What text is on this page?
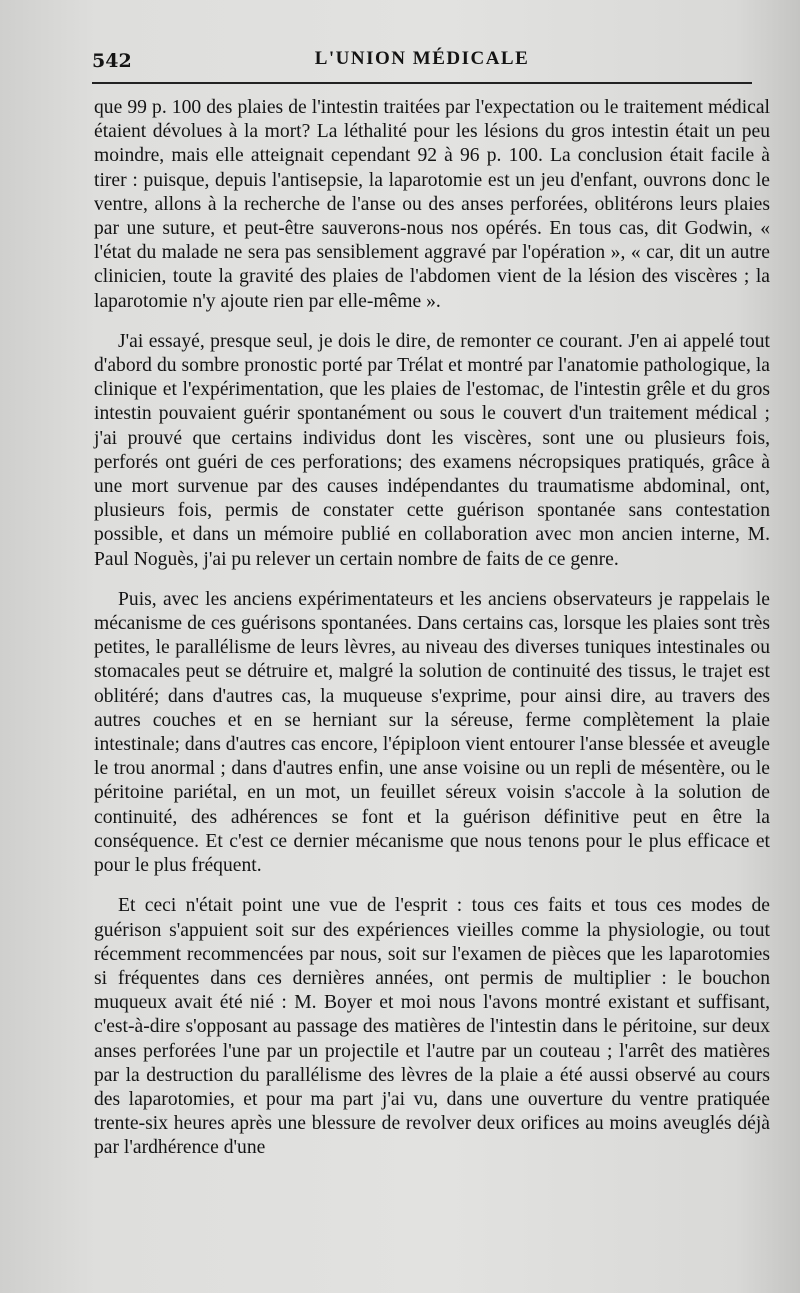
542	L'UNION MÉDICALE

que 99 p. 100 des plaies de l'intestin traitées par l'expectation ou le traitement médical étaient dévolues à la mort? La léthalité pour les lésions du gros intestin était un peu moindre, mais elle atteignait cependant 92 à 96 p. 100. La conclusion était facile à tirer : puisque, depuis l'antisepsie, la laparotomie est un jeu d'enfant, ouvrons donc le ventre, allons à la recherche de l'anse ou des anses perforées, oblitérons leurs plaies par une suture, et peut-être sauverons-nous nos opérés. En tous cas, dit Godwin, « l'état du malade ne sera pas sensiblement aggravé par l'opération », « car, dit un autre clinicien, toute la gravité des plaies de l'abdomen vient de la lésion des viscères ; la laparotomie n'y ajoute rien par elle-même ».

J'ai essayé, presque seul, je dois le dire, de remonter ce courant. J'en ai appelé tout d'abord du sombre pronostic porté par Trélat et montré par l'anatomie pathologique, la clinique et l'expérimentation, que les plaies de l'estomac, de l'intestin grêle et du gros intestin pouvaient guérir spontanément ou sous le couvert d'un traitement médical ; j'ai prouvé que certains individus dont les viscères, sont une ou plusieurs fois, perforés ont guéri de ces perforations; des examens nécropsiques pratiqués, grâce à une mort survenue par des causes indépendantes du traumatisme abdominal, ont, plusieurs fois, permis de constater cette guérison spontanée sans contestation possible, et dans un mémoire publié en collaboration avec mon ancien interne, M. Paul Noguès, j'ai pu relever un certain nombre de faits de ce genre.

Puis, avec les anciens expérimentateurs et les anciens observateurs je rappelais le mécanisme de ces guérisons spontanées. Dans certains cas, lorsque les plaies sont très petites, le parallélisme de leurs lèvres, au niveau des diverses tuniques intestinales ou stomacales peut se détruire et, malgré la solution de continuité des tissus, le trajet est oblitéré; dans d'autres cas, la muqueuse s'exprime, pour ainsi dire, au travers des autres couches et en se herniant sur la séreuse, ferme complètement la plaie intestinale; dans d'autres cas encore, l'épiploon vient entourer l'anse blessée et aveugle le trou anormal ; dans d'autres enfin, une anse voisine ou un repli de mésentère, ou le péritoine pariétal, en un mot, un feuillet séreux voisin s'accole à la solution de continuité, des adhérences se font et la guérison définitive peut en être la conséquence. Et c'est ce dernier mécanisme que nous tenons pour le plus efficace et pour le plus fréquent.

Et ceci n'était point une vue de l'esprit : tous ces faits et tous ces modes de guérison s'appuient soit sur des expériences vieilles comme la physiologie, ou tout récemment recommencées par nous, soit sur l'examen de pièces que les laparotomies si fréquentes dans ces dernières années, ont permis de multiplier : le bouchon muqueux avait été nié : M. Boyer et moi nous l'avons montré existant et suffisant, c'est-à-dire s'opposant au passage des matières de l'intestin dans le péritoine, sur deux anses perforées l'une par un projectile et l'autre par un couteau ; l'arrêt des matières par la destruction du parallélisme des lèvres de la plaie a été aussi observé au cours des laparotomies, et pour ma part j'ai vu, dans une ouverture du ventre pratiquée trente-six heures après une blessure de revolver deux orifices au moins aveuglés déjà par l'ardhérence d'une
